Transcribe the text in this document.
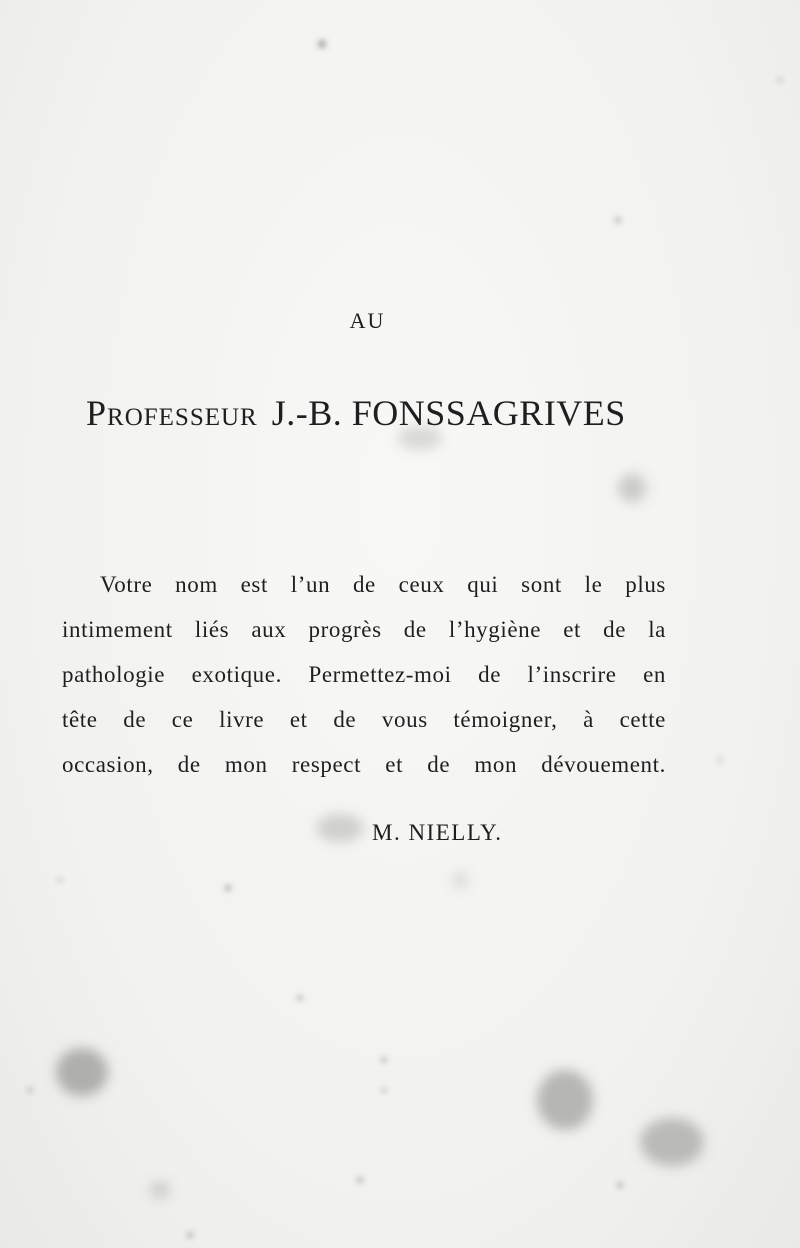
AU
Professeur J.-B. FONSSAGRIVES
Votre nom est l’un de ceux qui sont le plus
intimement liés aux progrès de l’hygiène et de la
pathologie exotique. Permettez-moi de l’inscrire en
tête de ce livre et de vous témoigner, à cette
occasion, de mon respect et de mon dévouement.
M. NIELLY.
